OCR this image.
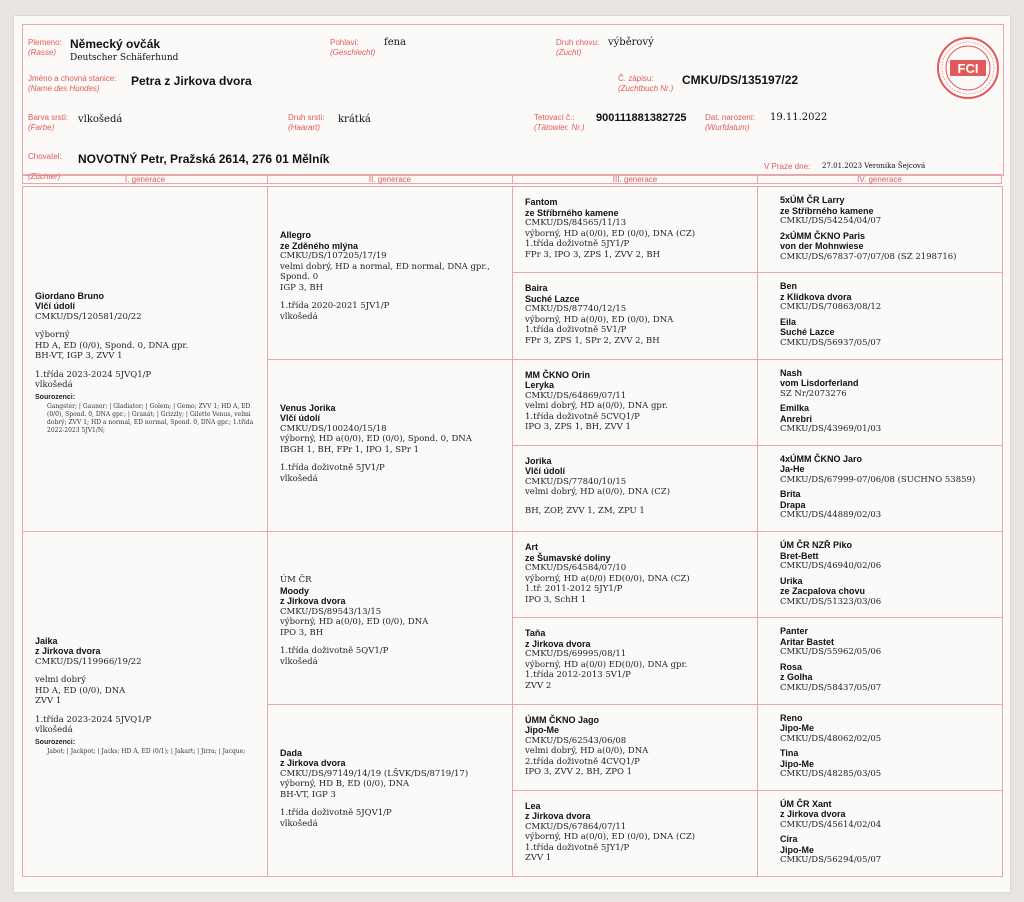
Plemeno:
(Rasse)
Německý ovčák
Deutscher Schäferhund
Pohlaví:
(Geschlecht)
fena	Druh chovu:
(Zucht)
výběrový
Jméno a chovná stanice:
(Name des Hundes)
Petra z Jirkova dvora	Č. zápisu:
(Zuchtbuch Nr.)
CMKU/DS/135197/22
Barva srsti:
(Farbe)
vlkošedá	Druh srsti:
(Haarart)
krátká	Tetovací č.:
(Tätowier. Nr.)
900111881382725 Dat. narození:
(Wurfdatum)
19.11.2022
Chovatel:

(Züchter)
NOVOTNÝ Petr, Pražská 2614, 276 01 Mělník
V Praze dne: 27.01.2023 Veronika Šejcová
FCI
I. generace	II. generace	III. generace	IV. generace
Giordano Bruno
Vlčí údolí
CMKU/DS/120581/20/22
výborný
HD A, ED (0/0), Spond. 0, DNA gpr.
BH-VT, IGP 3, ZVV 1
1.třída 2023-2024 5JVQ1/P
vlkošedá
Sourozenci:
Gangster; | Gauner; | Gladiator; | Golem; | Gemo; ZVV 1; HD A, ED (0/0), Spond. 0, DNA gpr.; | Granát; | Grizzly; | Gilette Venus, velmi dobrý; ZVV 1; HD a normal, ED normal, Spond. 0, DNA gpr.; 1.třída 2022-2023 5JV1/N;
Jaika
z Jirkova dvora
CMKU/DS/119966/19/22
velmi dobrý
HD A, ED (0/0), DNA
ZVV 1
1.třída 2023-2024 5JVQ1/P
vlkošedá
Sourozenci:
Jabot; | Jackpot; | Jacks; HD A, ED (0/1); | Jakart; | Jirra; | Jacque;
Allegro
ze Zděného mlýna
CMKU/DS/107205/17/19
velmi dobrý, HD a normal, ED normal, DNA gpr.,
Spond. 0
IGP 3, BH
1.třída 2020-2021 5JV1/P
vlkošedá
Venus Jorika
Vlčí údolí
CMKU/DS/100240/15/18
výborný, HD a(0/0), ED (0/0), Spond. 0, DNA
IBGH 1, BH, FPr 1, IPO 1, SPr 1
1.třída doživotně 5JV1/P
vlkošedá
ÚM ČR
Moody
z Jirkova dvora
CMKU/DS/89543/13/15
výborný, HD a(0/0), ED (0/0), DNA
IPO 3, BH
1.třída doživotně 5QV1/P
vlkošedá
Dada
z Jirkova dvora
CMKU/DS/97149/14/19 (LŠVK/DS/8719/17)
výborný, HD B, ED (0/0), DNA
BH-VT, IGP 3
1.třída doživotně 5JQV1/P
vlkošedá
Fantom
ze Stříbrného kamene
CMKU/DS/84565/11/13
výborný, HD a(0/0), ED (0/0), DNA (CZ)
1.třída doživotně 5JY1/P
FPr 3, IPO 3, ZPS 1, ZVV 2, BH
Baira
Suché Lazce
CMKU/DS/87740/12/15
výborný, HD a(0/0), ED (0/0), DNA
1.třída doživotně 5V1/P
FPr 3, ZPS 1, SPr 2, ZVV 2, BH
MM ČKNO Orin
Leryka
CMKU/DS/64869/07/11
velmi dobrý, HD a(0/0), DNA gpr.
1.třída doživotně 5CVQ1/P
IPO 3, ZPS 1, BH, ZVV 1
Jorika
Vlčí údolí
CMKU/DS/77840/10/15
velmi dobrý, HD a(0/0), DNA (CZ)
BH, ZOP, ZVV 1, ZM, ZPU 1
Art
ze Šumavské doliny
CMKU/DS/64584/07/10
výborný, HD a(0/0) ED(0/0), DNA (CZ)
1.tř. 2011-2012 5JY1/P
IPO 3, SchH 1
Taňa
z Jirkova dvora
CMKU/DS/69995/08/11
výborný, HD a(0/0) ED(0/0), DNA gpr.
1.třída 2012-2013 5V1/P
ZVV 2
ÚMM ČKNO Jago
Jipo-Me
CMKU/DS/62543/06/08
velmi dobrý, HD a(0/0), DNA
2.třída doživotně 4CVQ1/P
IPO 3, ZVV 2, BH, ZPO 1
Lea
z Jirkova dvora
CMKU/DS/67864/07/11
výborný, HD a(0/0), ED (0/0), DNA (CZ)
1.třída doživotně 5JY1/P
ZVV 1
5xÚM ČR Larry
ze Stříbrného kamene
CMKU/DS/54254/04/07
2xÚMM ČKNO Paris
von der Mohnwiese
CMKU/DS/67837-07/07/08 (SZ 2198716)
Ben
z Klidkova dvora
CMKU/DS/70863/08/12
Eila
Suché Lazce
CMKU/DS/56937/05/07
Nash
vom Lisdorferland
SZ Nr/2073276
Emilka
Anrebri
CMKU/DS/43969/01/03
4xÚMM ČKNO Jaro
Ja-He
CMKU/DS/67999-07/06/08 (SUCHNO 53859)
Brita
Drapa
CMKU/DS/44889/02/03
ÚM ČR NZŘ Piko
Bret-Bett
CMKU/DS/46940/02/06
Urika
ze Zacpalova chovu
CMKU/DS/51323/03/06
Panter
Aritar Bastet
CMKU/DS/55962/05/06
Rosa
z Golha
CMKU/DS/58437/05/07
Reno
Jipo-Me
CMKU/DS/48062/02/05
Tina
Jipo-Me
CMKU/DS/48285/03/05
ÚM ČR Xant
z Jirkova dvora
CMKU/DS/45614/02/04
Cira
Jipo-Me
CMKU/DS/56294/05/07
